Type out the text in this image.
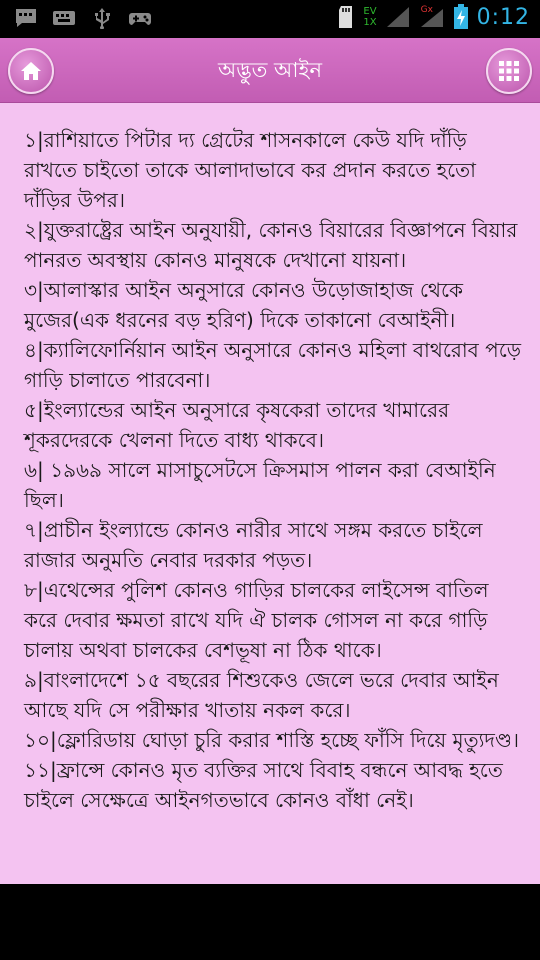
EV
1X
Gx 0:12
অদ্ভুত আইন

১|রাশিয়াতে পিটার দ্য গ্রেটের শাসনকালে কেউ যদি দাঁড়ি রাখতে চাইতো তাকে আলাদাভাবে কর প্রদান করতে হতো দাঁড়ির উপর।

২|যুক্তরাষ্ট্রের আইন অনুযায়ী, কোনও বিয়ারের বিজ্ঞাপনে বিয়ার পানরত অবস্থায় কোনও মানুষকে দেখানো যায়না।

৩|আলাস্কার আইন অনুসারে কোনও উড়োজাহাজ থেকে মুজের(এক ধরনের বড় হরিণ) দিকে তাকানো বেআইনী।

৪|ক্যালিফোর্নিয়ান আইন অনুসারে কোনও মহিলা বাথরোব পড়ে গাড়ি চালাতে পারবেনা।

৫|ইংল্যান্ডের আইন অনুসারে কৃষকেরা তাদের খামারের শূকরদেরকে খেলনা দিতে বাধ্য থাকবে।

৬| ১৯৬৯ সালে মাসাচুসেটসে ক্রিসমাস পালন করা বেআইনি ছিল।

৭|প্রাচীন ইংল্যান্ডে কোনও নারীর সাথে সঙ্গম করতে চাইলে রাজার অনুমতি নেবার দরকার পড়ত।

৮|এথেন্সের পুলিশ কোনও গাড়ির চালকের লাইসেন্স বাতিল করে দেবার ক্ষমতা রাখে যদি ঐ চালক গোসল না করে গাড়ি চালায় অথবা চালকের বেশভূষা না ঠিক থাকে।

৯|বাংলাদেশে ১৫ বছরের শিশুকেও জেলে ভরে দেবার আইন আছে যদি সে পরীক্ষার খাতায় নকল করে।

১০|ফ্লোরিডায় ঘোড়া চুরি করার শাস্তি হচ্ছে ফাঁসি দিয়ে মৃত্যুদণ্ড।

১১|ফ্রান্সে কোনও মৃত ব্যক্তির সাথে বিবাহ বন্ধনে আবদ্ধ হতে চাইলে সেক্ষেত্রে আইনগতভাবে কোনও বাঁধা নেই।
